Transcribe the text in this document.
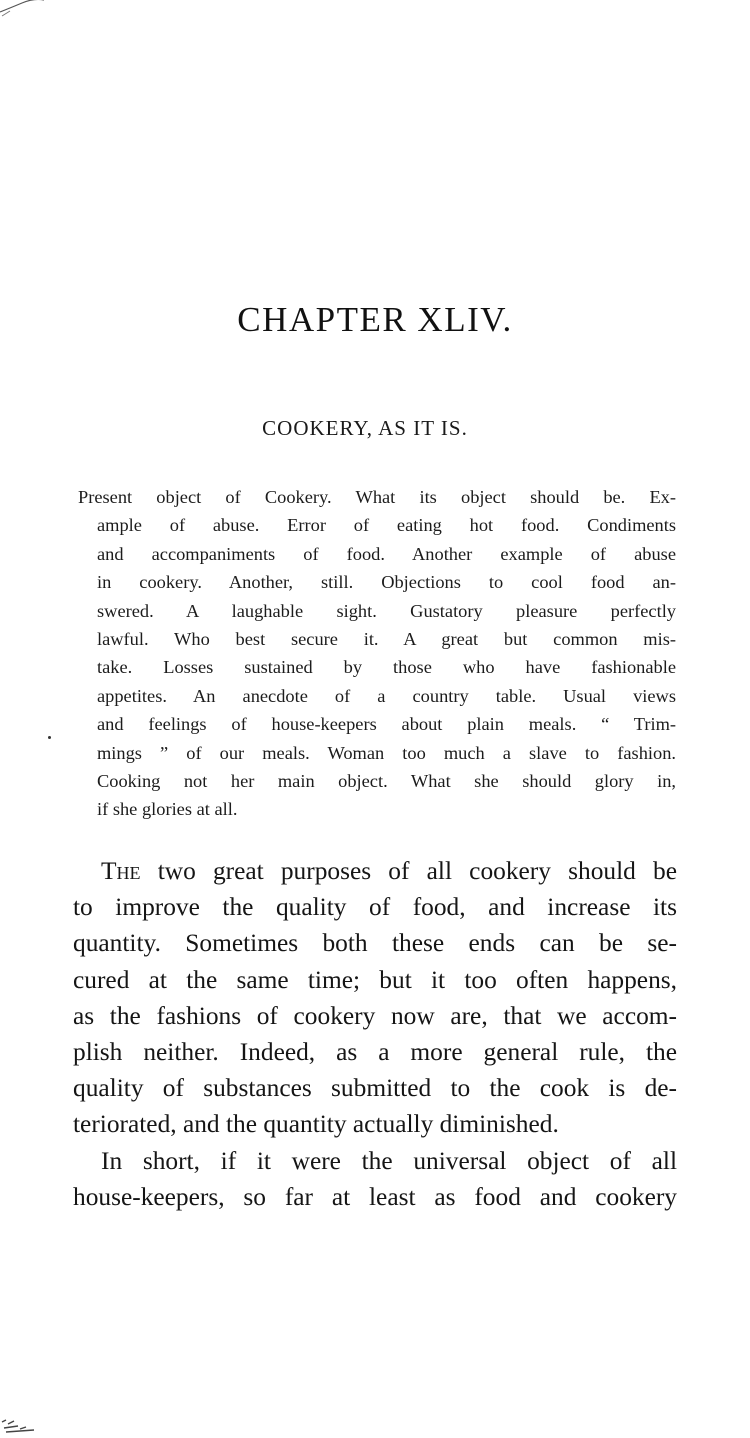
CHAPTER XLIV.
COOKERY, AS IT IS.
Present object of Cookery. What its object should be. Ex-
ample of abuse. Error of eating hot food. Condiments
and accompaniments of food. Another example of abuse
in cookery. Another, still. Objections to cool food an-
swered. A laughable sight. Gustatory pleasure perfectly
lawful. Who best secure it. A great but common mis-
take. Losses sustained by those who have fashionable
appetites. An anecdote of a country table. Usual views
and feelings of house-keepers about plain meals. “ Trim-
mings ” of our meals. Woman too much a slave to fashion.
Cooking not her main object. What she should glory in,
if she glories at all.
The two great purposes of all cookery should be
to improve the quality of food, and increase its
quantity. Sometimes both these ends can be se-
cured at the same time; but it too often happens,
as the fashions of cookery now are, that we accom-
plish neither. Indeed, as a more general rule, the
quality of substances submitted to the cook is de-
teriorated, and the quantity actually diminished.
In short, if it were the universal object of all
house-keepers, so far at least as food and cookery
